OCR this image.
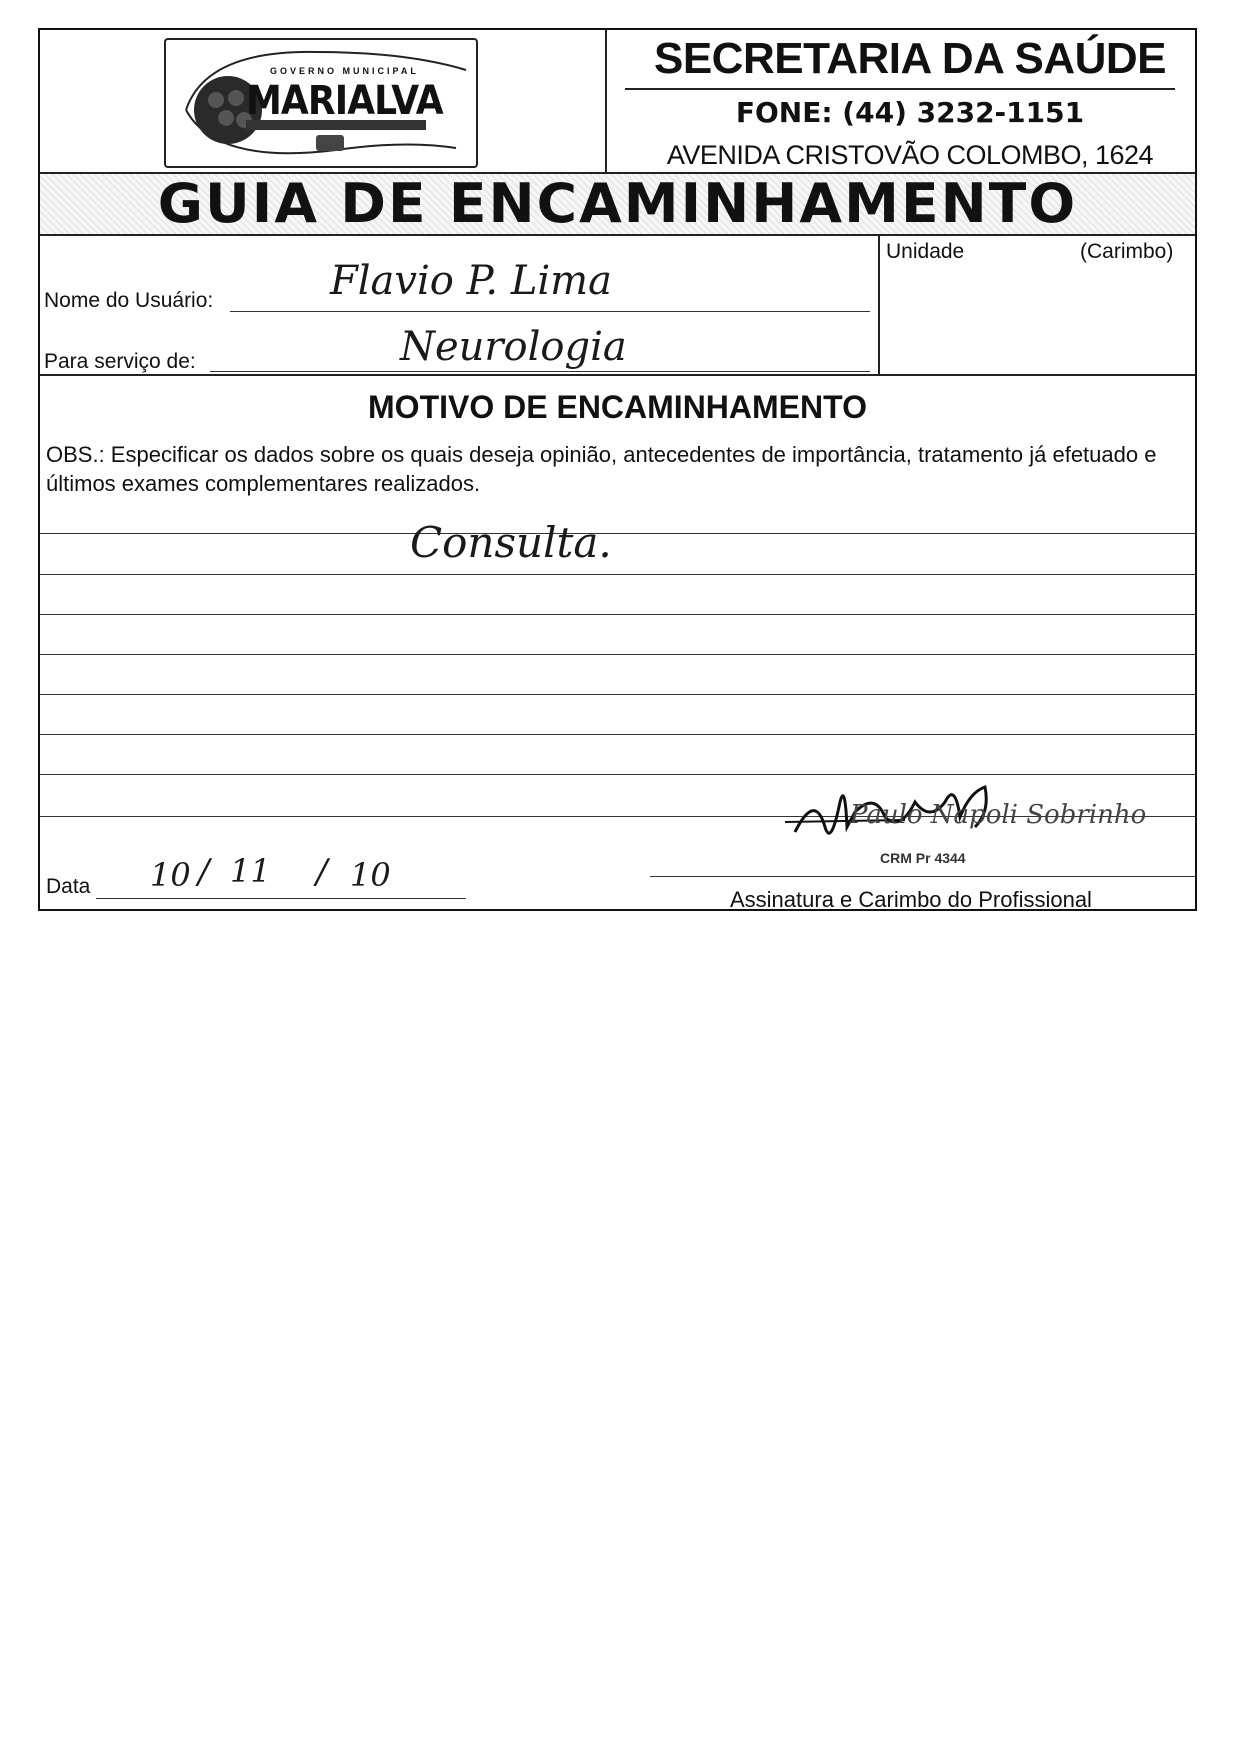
GOVERNO MUNICIPAL
MARIALVA
SECRETARIA DA SAÚDE
FONE: (44) 3232-1151
AVENIDA CRISTOVÃO COLOMBO, 1624
GUIA DE ENCAMINHAMENTO
Unidade	(Carimbo)
Nome do Usuário:	Flavio P. Lima
Para serviço de:	Neurologia
MOTIVO DE ENCAMINHAMENTO
OBS.: Especificar os dados sobre os quais deseja opinião, antecedentes de importância, tratamento já efetuado e últimos exames complementares realizados.
Consulta.
Data 10 / 11 / 10
Paulo Napoli Sobrinho
CRM Pr 4344
Assinatura e Carimbo do Profissional
